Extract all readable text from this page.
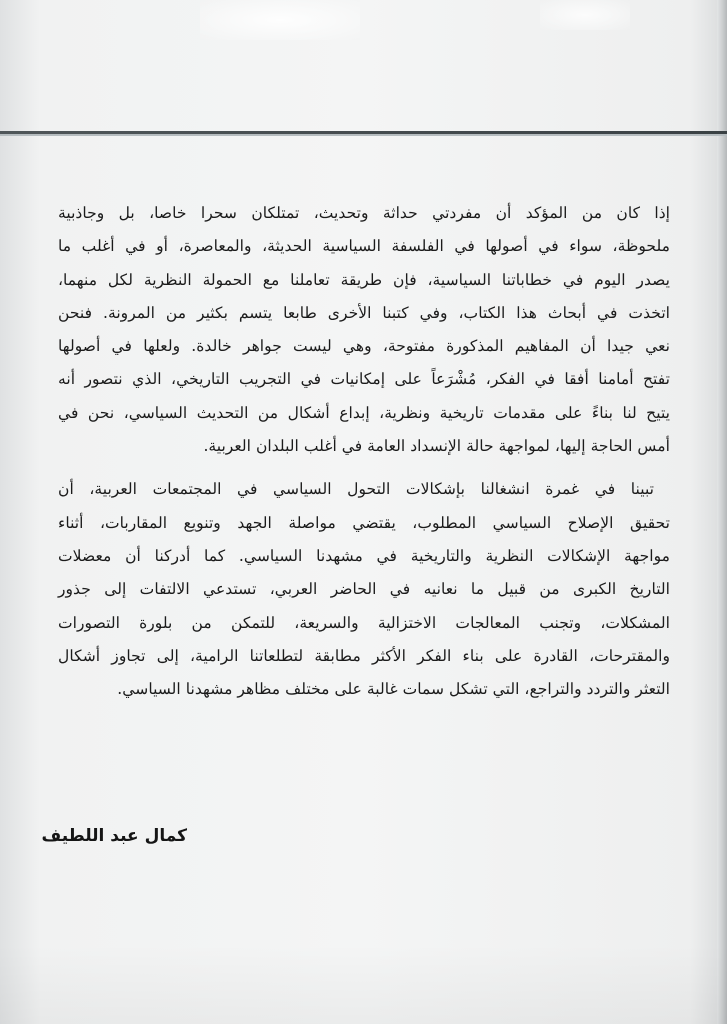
إذا كان من المؤكد أن مفردتي حداثة وتحديث، تمتلكان سحرا خاصا، بل وجاذبية
ملحوظة، سواء في أصولها في الفلسفة السياسية الحديثة، والمعاصرة، أو في أغلب ما
يصدر اليوم في خطاباتنا السياسية، فإن طريقة تعاملنا مع الحمولة النظرية لكل منهما،
اتخذت في أبحاث هذا الكتاب، وفي كتبنا الأخرى طابعا يتسم بكثير من المرونة. فنحن
نعي جيدا أن المفاهيم المذكورة مفتوحة، وهي ليست جواهر خالدة. ولعلها في أصولها
تفتح أمامنا أفقا في الفكر، مُشْرَعاً على إمكانيات في التجريب التاريخي، الذي نتصور أنه
يتيح لنا بناءً على مقدمات تاريخية ونظرية، إبداع أشكال من التحديث السياسي، نحن في
أمس الحاجة إليها، لمواجهة حالة الإنسداد العامة في أغلب البلدان العربية.
تبينا في غمرة انشغالنا بإشكالات التحول السياسي في المجتمعات العربية، أن
تحقيق الإصلاح السياسي المطلوب، يقتضي مواصلة الجهد وتنويع المقاربات، أثناء
مواجهة الإشكالات النظرية والتاريخية في مشهدنا السياسي. كما أدركنا أن معضلات
التاريخ الكبرى من قبيل ما نعانيه في الحاضر العربي، تستدعي الالتفات إلى جذور
المشكلات، وتجنب المعالجات الاختزالية والسريعة، للتمكن من بلورة التصورات
والمقترحات، القادرة على بناء الفكر الأكثر مطابقة لتطلعاتنا الرامية، إلى تجاوز أشكال
التعثر والتردد والتراجع، التي تشكل سمات غالبة على مختلف مظاهر مشهدنا السياسي.
كمال عبد اللطيف
